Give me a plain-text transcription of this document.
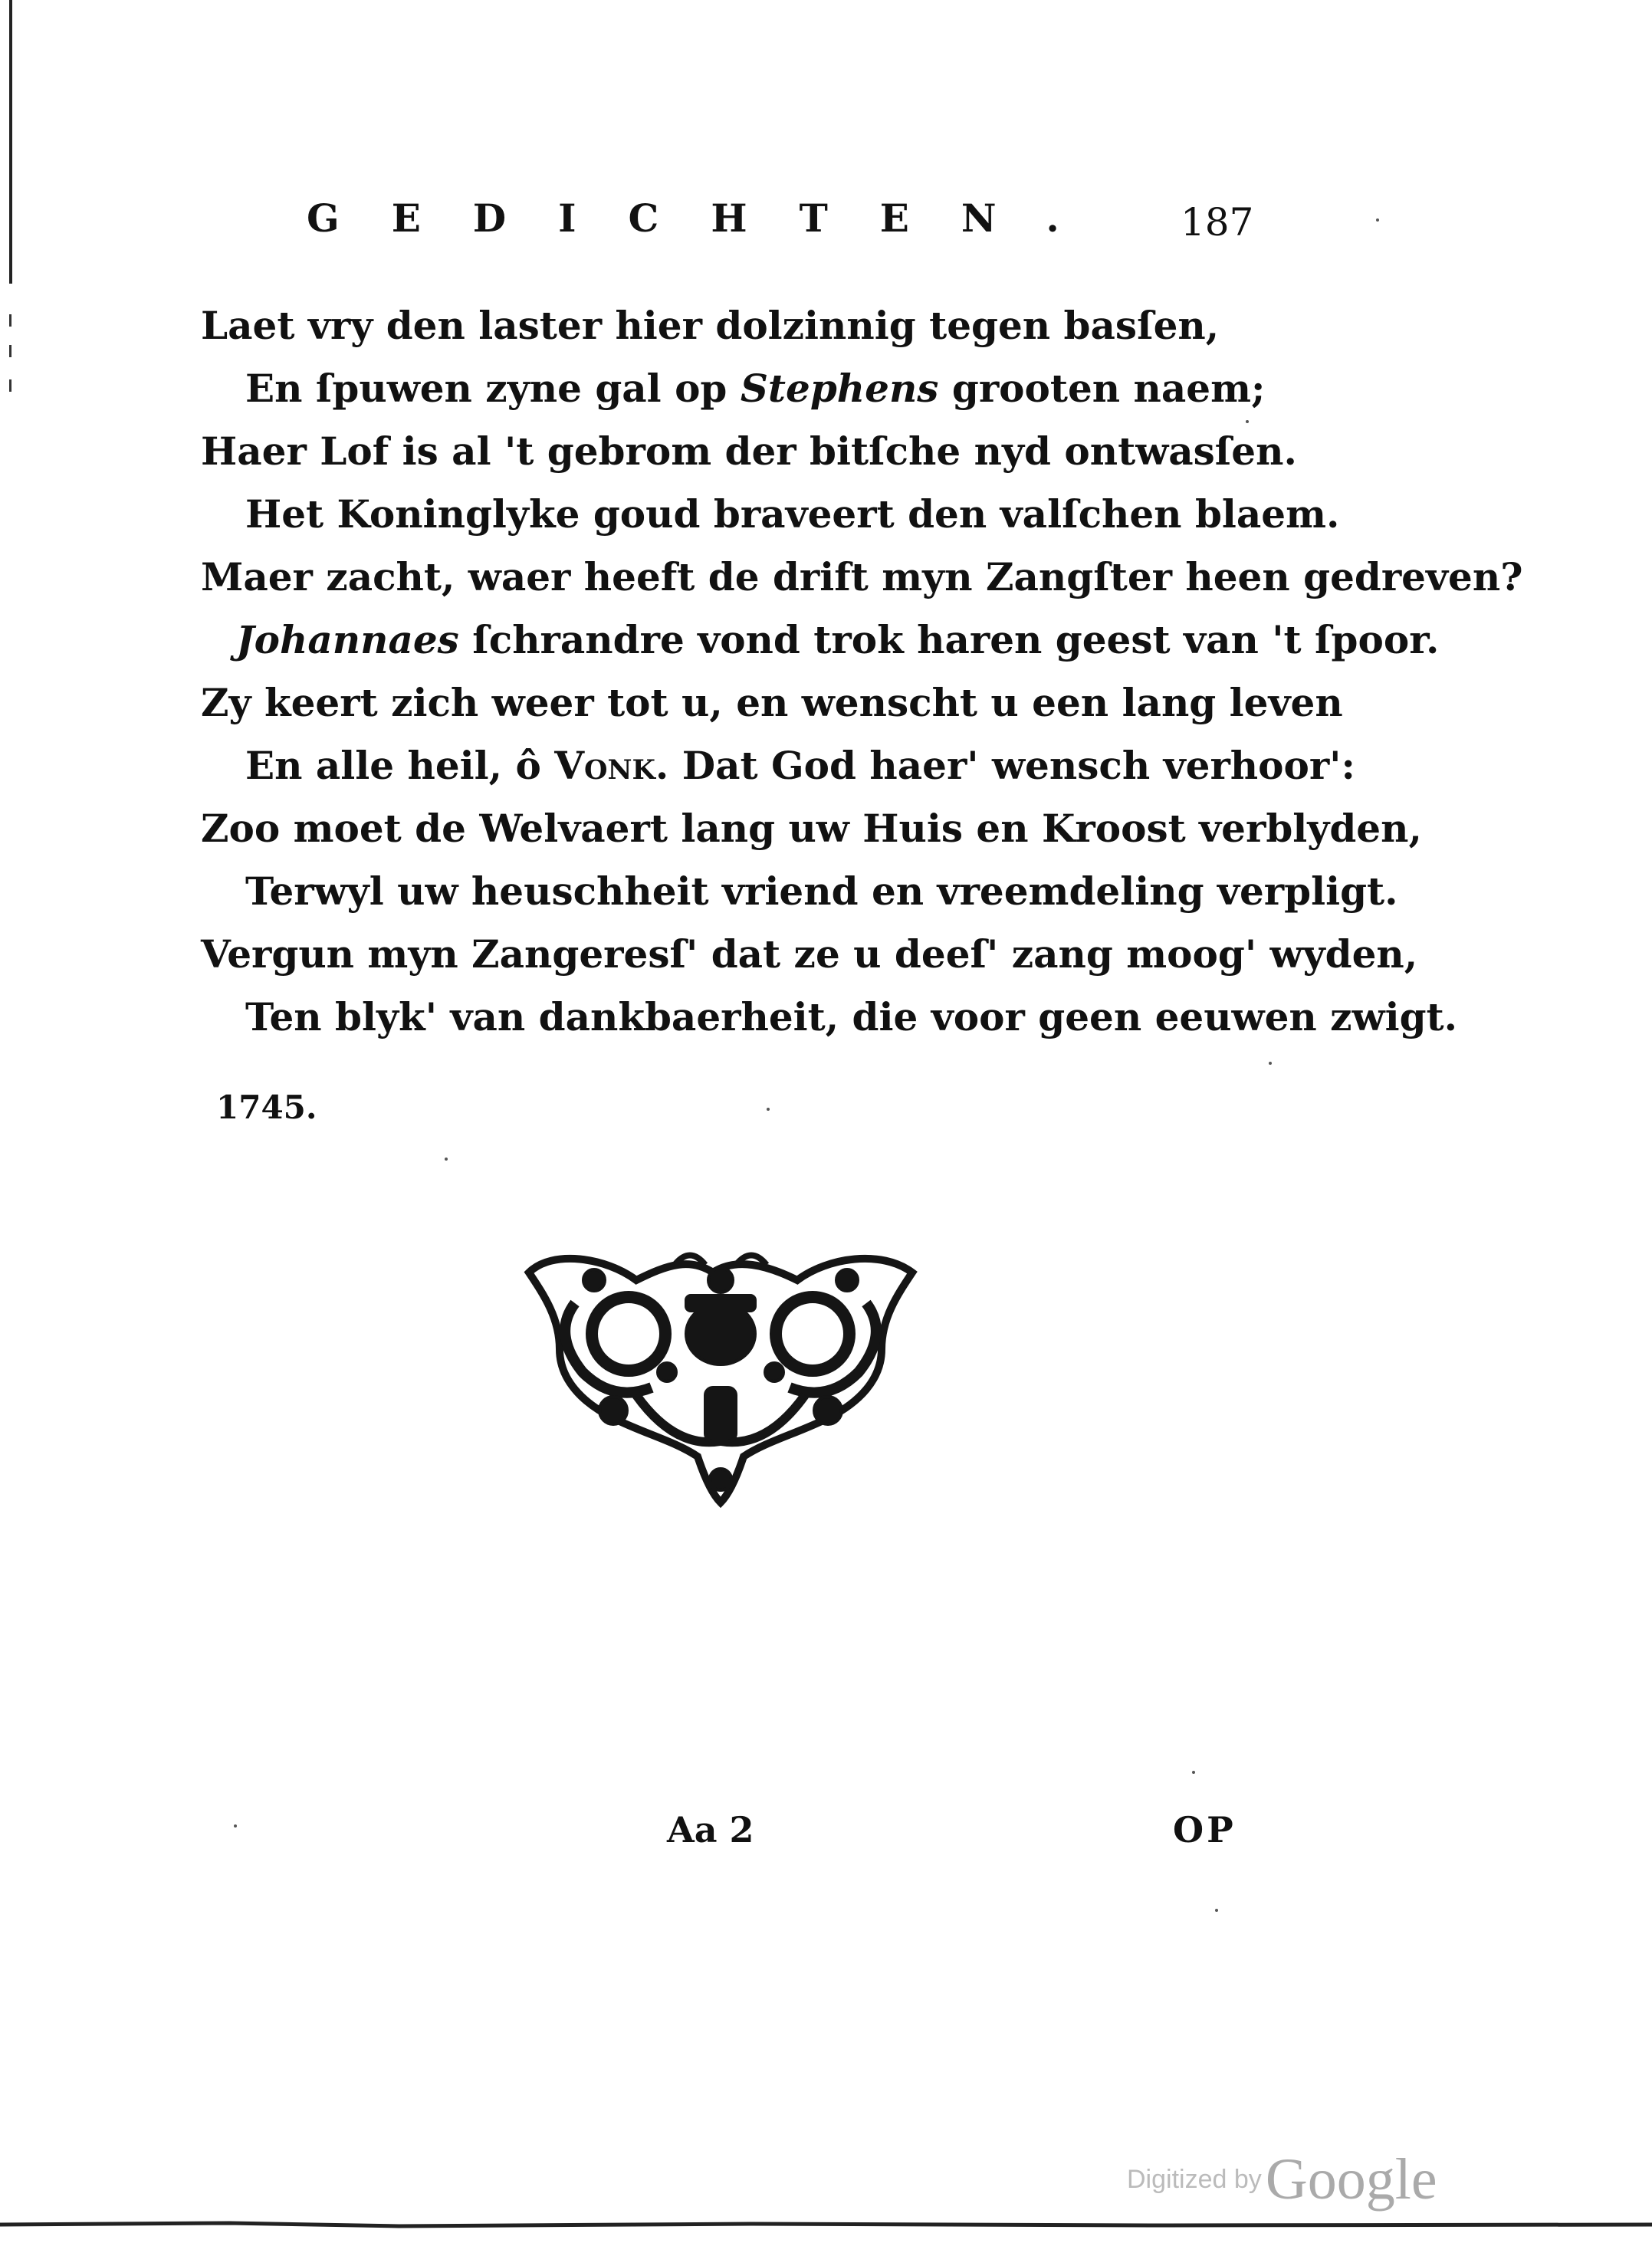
GEDICHTEN. 187
Laet vry den laster hier dolzinnig tegen basſen,
En ſpuwen zyne gal op Stephens grooten naem;
Haer Lof is al 't gebrom der bitſche nyd ontwasſen.
Het Koninglyke goud braveert den valſchen blaem.
Maer zacht, waer heeft de drift myn Zangſter heen gedreven?
Johannaes ſchrandre vond trok haren geest van 't ſpoor.
Zy keert zich weer tot u, en wenscht u een lang leven
En alle heil, ô Vonk. Dat God haer' wensch verhoor':
Zoo moet de Welvaert lang uw Huis en Kroost verblyden,
Terwyl uw heuschheit vriend en vreemdeling verpligt.
Vergun myn Zangeresſ' dat ze u deeſ' zang moog' wyden,
Ten blyk' van dankbaerheit, die voor geen eeuwen zwigt.
1745.
Aa 2	OP
Digitized by Google
